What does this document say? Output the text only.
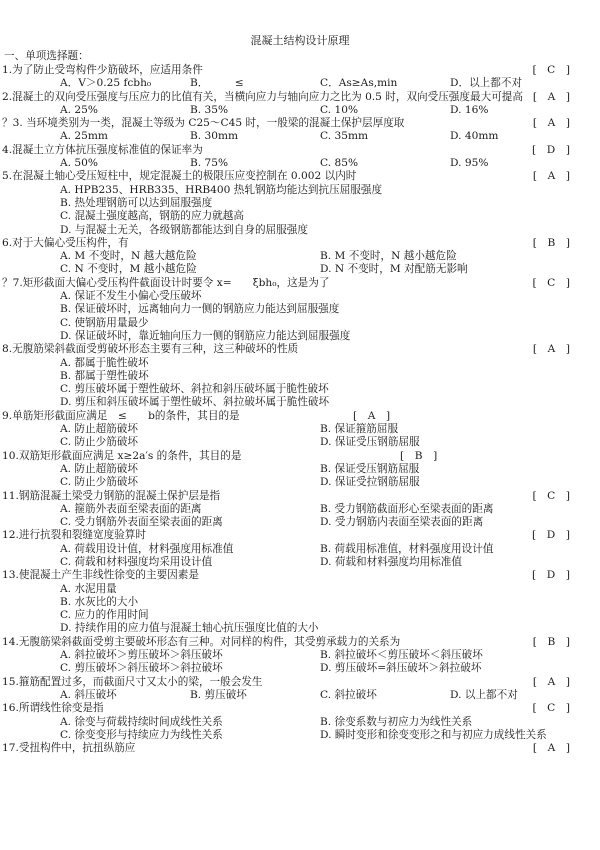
混凝土结构设计原理
一、单项选择题：
1.为了防止受弯构件少筋破坏，应适用条件	[　C　]
A．V＞0.25 fcbh₀	B．　　　≤	C．As≥As,min	D．以上都不对
2.混凝土的双向受压强度与压应力的比值有关，当横向应力与轴向应力之比为 0.5 时，双向受压强度最大可提高 [　A　]
A. 25%	B. 35%	C. 10%	D. 16%
？3. 当环境类别为一类，混凝土等级为 C25～C45 时，一般梁的混凝土保护层厚度取	[　A　]
A. 25mm	B. 30mm	C. 35mm	D. 40mm
4.混凝土立方体抗压强度标准值的保证率为	[　D　]
A. 50%	B. 75%	C. 85%	D. 95%
5.在混凝土轴心受压短柱中，规定混凝土的极限压应变控制在 0.002 以内时	[　A　]
A. HPB235、HRB335、HRB400 热轧钢筋均能达到抗压屈服强度
B. 热处理钢筋可以达到屈服强度
C. 混凝土强度越高，钢筋的应力就越高
D. 与混凝土无关，各级钢筋都能达到自身的屈服强度
6.对于大偏心受压构件，有	[　B　]
A. M 不变时，N 越大越危险	B. M 不变时，N 越小越危险
C. N 不变时，M 越小越危险	D. N 不变时，M 对配筋无影响
？7.矩形截面大偏心受压构件截面设计时要令 x=　　ξbh₀，这是为了	[　C　]
A. 保证不发生小偏心受压破坏
B. 保证破坏时，远离轴向力一侧的钢筋应力能达到屈服强度
C. 使钢筋用量最少
D. 保证破坏时，靠近轴向压力一侧的钢筋应力能达到屈服强度
8.无腹筋梁斜截面受剪破坏形态主要有三种，这三种破坏的性质	[　A　]
A. 都属于脆性破坏
B. 都属于塑性破坏
C. 剪压破坏属于塑性破坏、斜拉和斜压破坏属于脆性破坏
D. 剪压和斜压破坏属于塑性破坏、斜拉破坏属于脆性破坏
9.单筋矩形截面应满足　≤　　b的条件，其目的是	[　A　]
A. 防止超筋破坏	B. 保证箍筋屈服
C. 防止少筋破坏	D. 保证受压钢筋屈服
10.双筋矩形截面应满足 x≥2a′s 的条件，其目的是	[　B　]
A. 防止超筋破坏	B. 保证受压钢筋屈服
C. 防止少筋破坏	D. 保证受拉钢筋屈服
11.钢筋混凝土梁受力钢筋的混凝土保护层是指	[　C　]
A. 箍筋外表面至梁表面的距离	B. 受力钢筋截面形心至梁表面的距离
C. 受力钢筋外表面至梁表面的距离	D. 受力钢筋内表面至梁表面的距离
12.进行抗裂和裂缝宽度验算时	[　D　]
A. 荷载用设计值，材料强度用标准值	B. 荷载用标准值，材料强度用设计值
C. 荷载和材料强度均采用设计值	D. 荷载和材料强度均用标准值
13.使混凝土产生非线性徐变的主要因素是	[　D　]
A. 水泥用量
B. 水灰比的大小
C. 应力的作用时间
D. 持续作用的应力值与混凝土轴心抗压强度比值的大小
14.无腹筋梁斜截面受剪主要破坏形态有三种。对同样的构件，其受剪承载力的关系为	[　B　]
A. 斜拉破坏＞剪压破坏＞斜压破坏	B. 斜拉破坏＜剪压破坏＜斜压破坏
C. 剪压破坏＞斜压破坏＞斜拉破坏	D. 剪压破坏=斜压破坏＞斜拉破坏
15.箍筋配置过多，而截面尺寸又太小的梁，一般会发生	[　A　]
A. 斜压破坏	B. 剪压破坏	C. 斜拉破坏	D. 以上都不对
16.所谓线性徐变是指	[　C　]
A. 徐变与荷载持续时间成线性关系	B. 徐变系数与初应力为线性关系
C. 徐变变形与持续应力为线性关系	D. 瞬时变形和徐变变形之和与初应力成线性关系
17.受扭构件中，抗扭纵筋应	[　A　]
